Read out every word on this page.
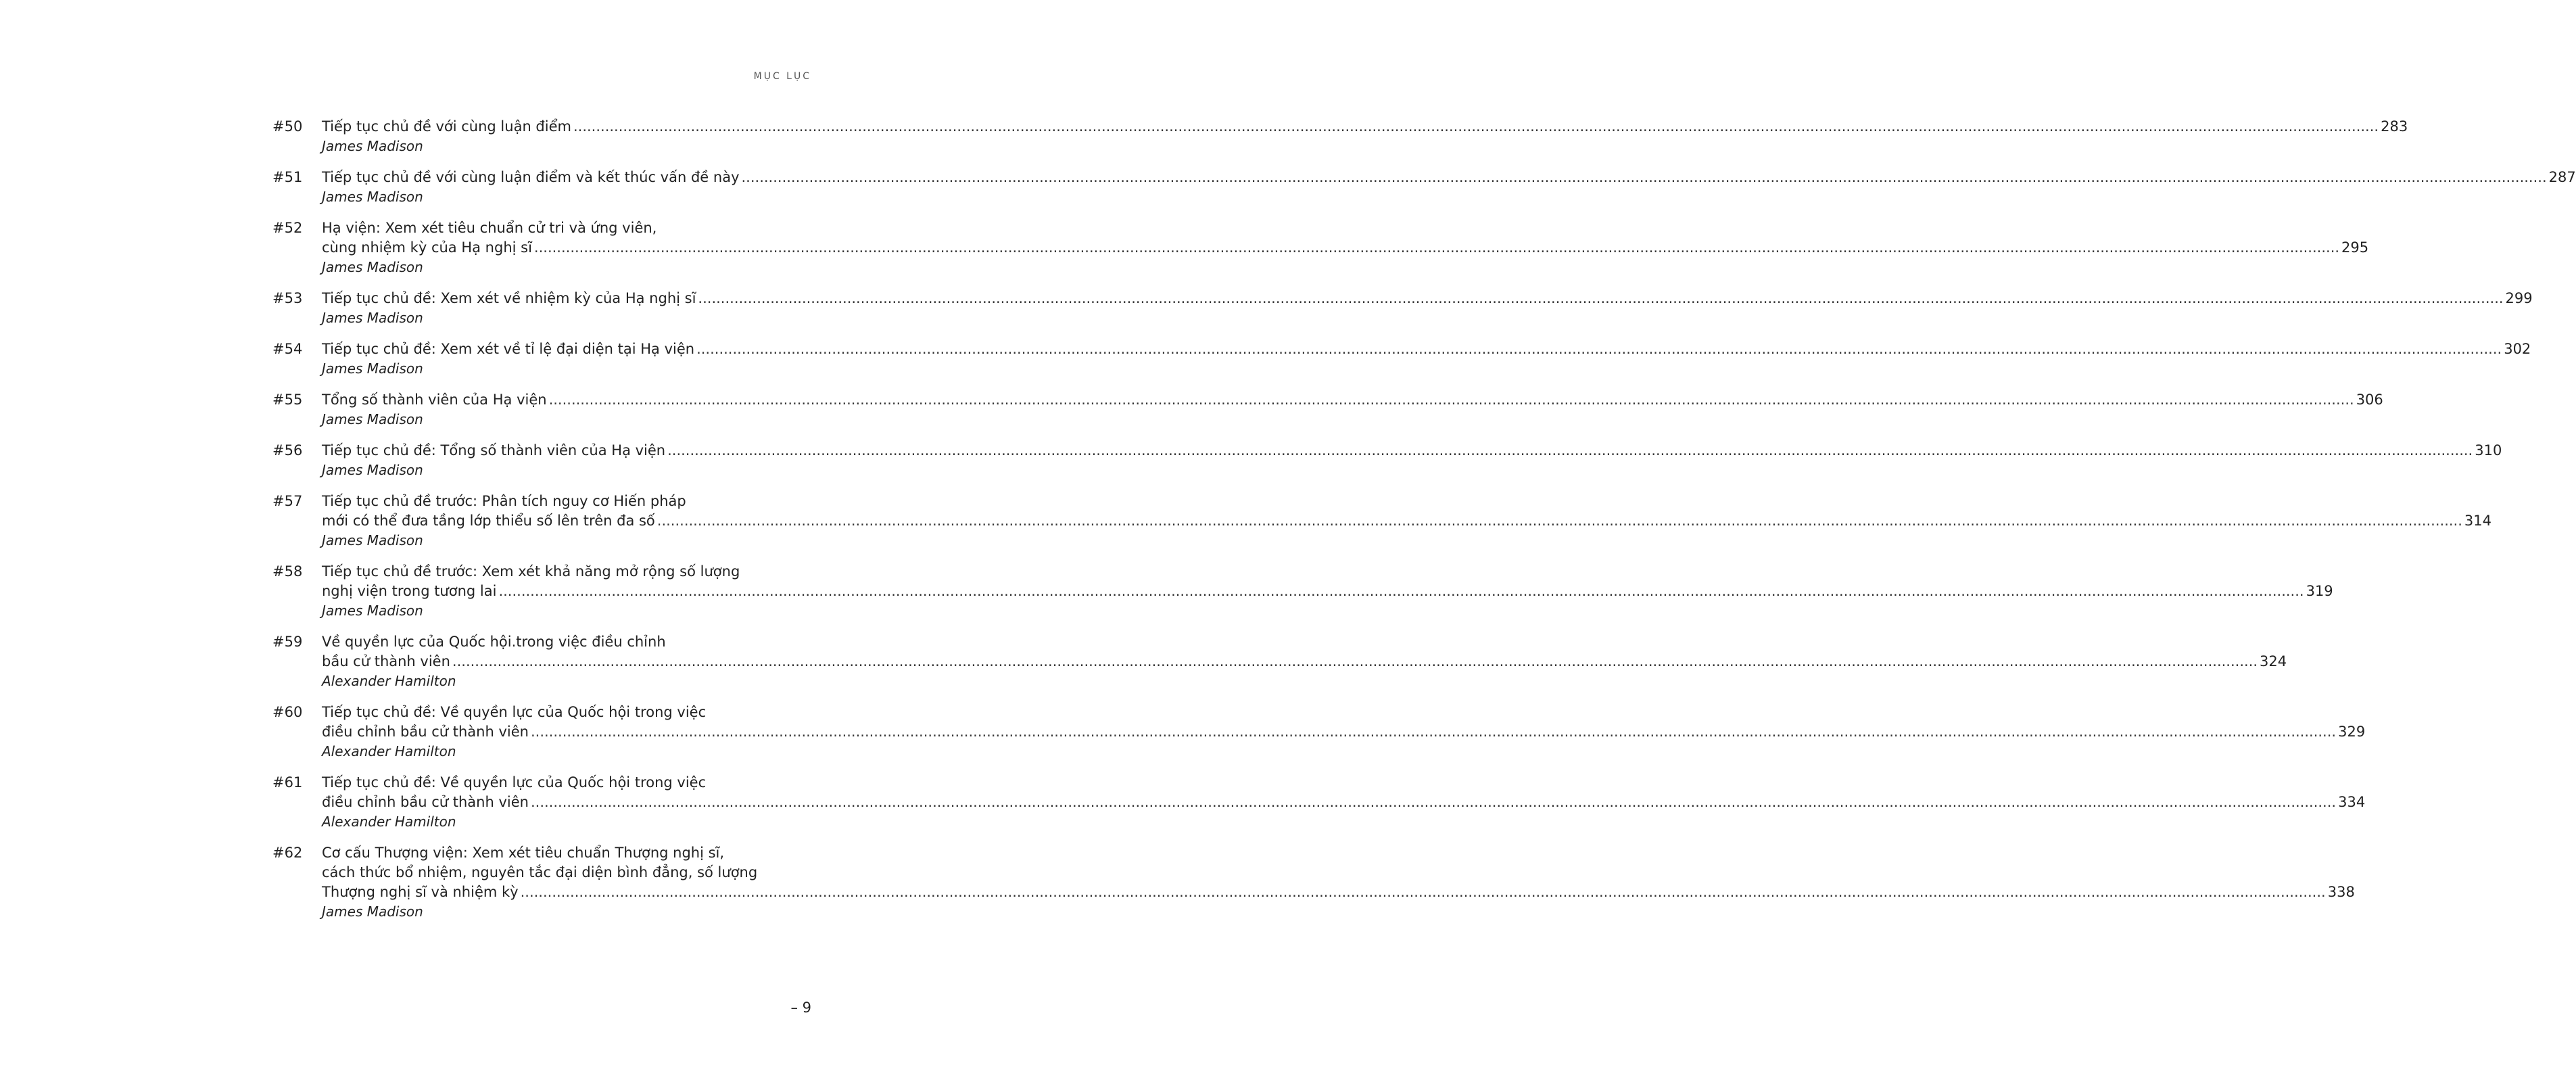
MỤC LỤC
#50 Tiếp tục chủ đề với cùng luận điểm ................................................................................................................................................................................................................................................................................................................................................................................................................ 283
James Madison
#51 Tiếp tục chủ đề với cùng luận điểm và kết thúc vấn đề này ................................................................................................................................................................................................................................................................................................................................................................................................................ 287
James Madison
#52 Hạ viện: Xem xét tiêu chuẩn cử tri và ứng viên,
cùng nhiệm kỳ của Hạ nghị sĩ ................................................................................................................................................................................................................................................................................................................................................................................................................ 295
James Madison
#53 Tiếp tục chủ đề: Xem xét về nhiệm kỳ của Hạ nghị sĩ ................................................................................................................................................................................................................................................................................................................................................................................................................ 299
James Madison
#54 Tiếp tục chủ đề: Xem xét về tỉ lệ đại diện tại Hạ viện ................................................................................................................................................................................................................................................................................................................................................................................................................ 302
James Madison
#55 Tổng số thành viên của Hạ viện ................................................................................................................................................................................................................................................................................................................................................................................................................ 306
James Madison
#56 Tiếp tục chủ đề: Tổng số thành viên của Hạ viện ................................................................................................................................................................................................................................................................................................................................................................................................................ 310
James Madison
#57 Tiếp tục chủ đề trước: Phân tích nguy cơ Hiến pháp
mới có thể đưa tầng lớp thiểu số lên trên đa số ................................................................................................................................................................................................................................................................................................................................................................................................................ 314
James Madison
#58 Tiếp tục chủ đề trước: Xem xét khả năng mở rộng số lượng
nghị viện trong tương lai ................................................................................................................................................................................................................................................................................................................................................................................................................ 319
James Madison
#59 Về quyền lực của Quốc hội.trong việc điều chỉnh
bầu cử thành viên ................................................................................................................................................................................................................................................................................................................................................................................................................ 324
Alexander Hamilton
#60 Tiếp tục chủ đề: Về quyền lực của Quốc hội trong việc
điều chỉnh bầu cử thành viên ................................................................................................................................................................................................................................................................................................................................................................................................................ 329
Alexander Hamilton
#61 Tiếp tục chủ đề: Về quyền lực của Quốc hội trong việc
điều chỉnh bầu cử thành viên ................................................................................................................................................................................................................................................................................................................................................................................................................ 334
Alexander Hamilton
#62 Cơ cấu Thượng viện: Xem xét tiêu chuẩn Thượng nghị sĩ,
cách thức bổ nhiệm, nguyên tắc đại diện bình đẳng, số lượng
Thượng nghị sĩ và nhiệm kỳ ................................................................................................................................................................................................................................................................................................................................................................................................................ 338
James Madison
– 9
